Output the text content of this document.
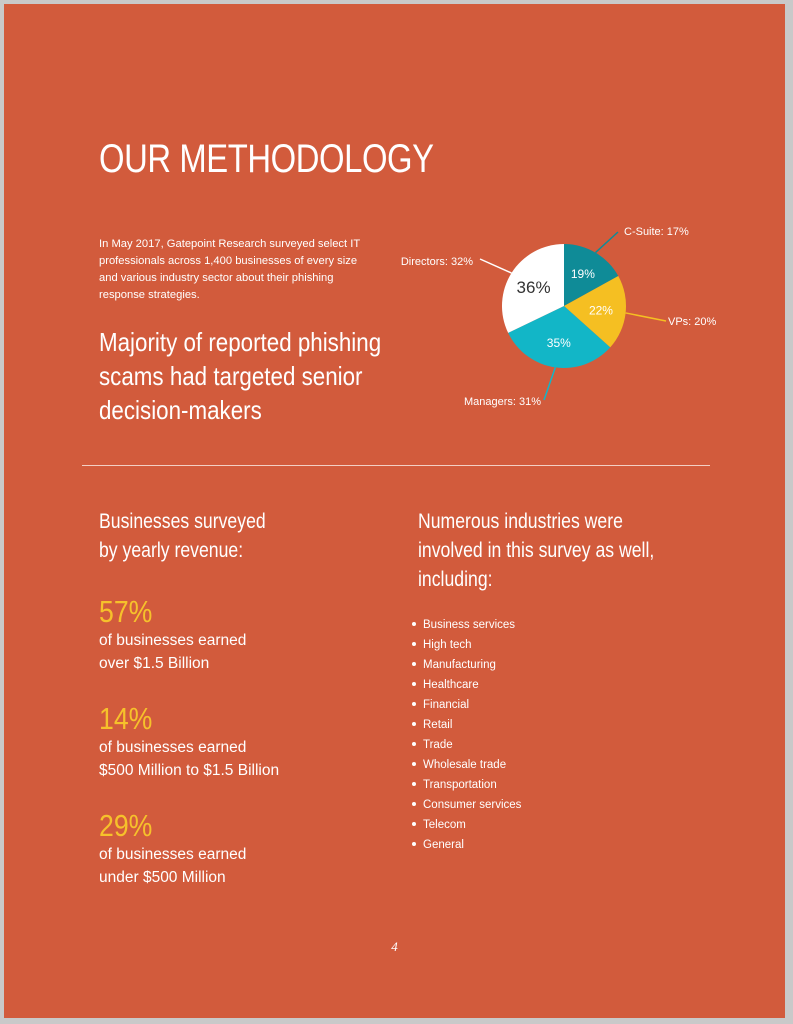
OUR METHODOLOGY
In May 2017, Gatepoint Research surveyed select IT professionals across 1,400 businesses of every size and various industry sector about their phishing response strategies.
Majority of reported phishing scams had targeted senior decision-makers
19%
22%
35%
36%
C-Suite: 17%
VPs: 20%
Managers: 31%
Directors: 32%
Businesses surveyed
by yearly revenue:
57%
of businesses earned
over $1.5 Billion
14%
of businesses earned
$500 Million to $1.5 Billion
29%
of businesses earned
under $500 Million
Numerous industries were
involved in this survey as well,
including:
Business services
High tech
Manufacturing
Healthcare
Financial
Retail
Trade
Wholesale trade
Transportation
Consumer services
Telecom
General
4
